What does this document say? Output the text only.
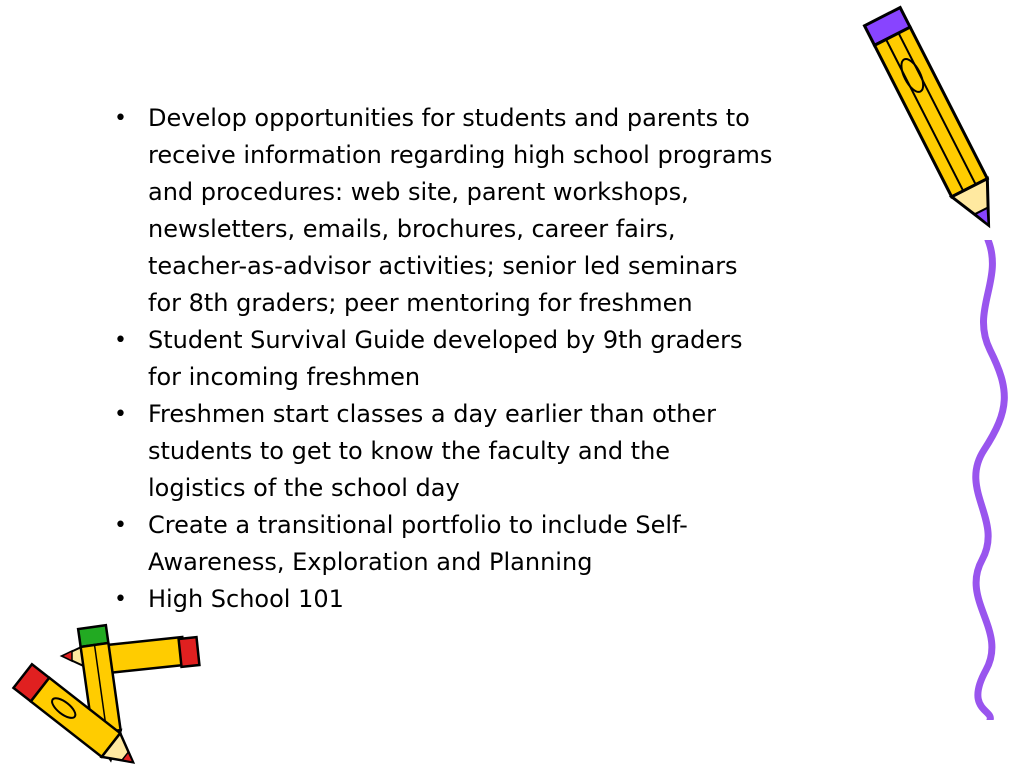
• Develop opportunities for students and parents to
receive information regarding high school programs
and procedures: web site, parent workshops,
newsletters, emails, brochures, career fairs,
teacher-as-advisor activities; senior led seminars
for 8th graders; peer mentoring for freshmen
• Student Survival Guide developed by 9th graders
for incoming freshmen
• Freshmen start classes a day earlier than other
students to get to know the faculty and the
logistics of the school day
• Create a transitional portfolio to include Self-
Awareness, Exploration and Planning
• High School 101
